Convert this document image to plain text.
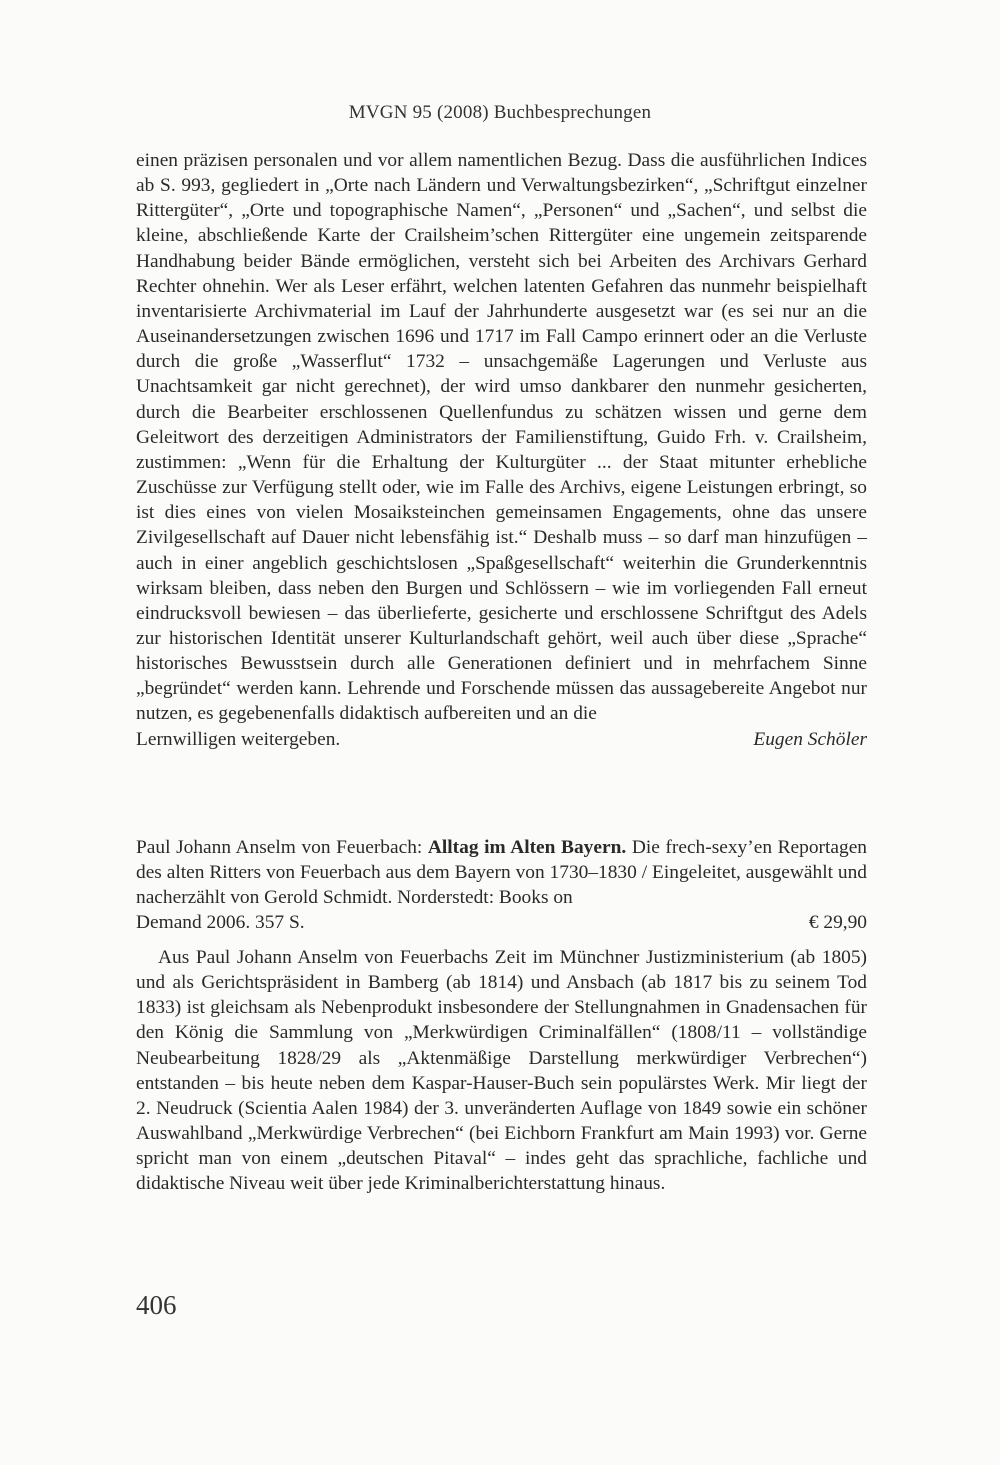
MVGN 95 (2008) Buchbesprechungen

einen präzisen personalen und vor allem namentlichen Bezug. Dass die ausführlichen Indices ab S. 993, gegliedert in „Orte nach Ländern und Verwaltungsbezirken“, „Schriftgut einzelner Rittergüter“, „Orte und topographische Namen“, „Personen“ und „Sachen“, und selbst die kleine, abschließende Karte der Crailsheim’schen Rittergüter eine ungemein zeitsparende Handhabung beider Bände ermöglichen, versteht sich bei Arbeiten des Archivars Gerhard Rechter ohnehin. Wer als Leser erfährt, welchen latenten Gefahren das nunmehr beispielhaft inventarisierte Archivmaterial im Lauf der Jahrhunderte ausgesetzt war (es sei nur an die Auseinandersetzungen zwischen 1696 und 1717 im Fall Campo erinnert oder an die Verluste durch die große „Wasserflut“ 1732 – unsachgemäße Lagerungen und Verluste aus Unachtsamkeit gar nicht gerechnet), der wird umso dankbarer den nunmehr gesicherten, durch die Bearbeiter erschlossenen Quellenfundus zu schätzen wissen und gerne dem Geleitwort des derzeitigen Administrators der Familienstiftung, Guido Frh. v. Crailsheim, zustimmen: „Wenn für die Erhaltung der Kulturgüter ... der Staat mitunter erhebliche Zuschüsse zur Verfügung stellt oder, wie im Falle des Archivs, eigene Leistungen erbringt, so ist dies eines von vielen Mosaiksteinchen gemeinsamen Engagements, ohne das unsere Zivilgesellschaft auf Dauer nicht lebensfähig ist.“ Deshalb muss – so darf man hinzufügen – auch in einer angeblich geschichtslosen „Spaßgesellschaft“ weiterhin die Grunderkenntnis wirksam bleiben, dass neben den Burgen und Schlössern – wie im vorliegenden Fall erneut eindrucksvoll bewiesen – das überlieferte, gesicherte und erschlossene Schriftgut des Adels zur historischen Identität unserer Kulturlandschaft gehört, weil auch über diese „Sprache“ historisches Bewusstsein durch alle Generationen definiert und in mehrfachem Sinne „begründet“ werden kann. Lehrende und Forschende müssen das aussagebereite Angebot nur nutzen, es gegebenenfalls didaktisch aufbereiten und an die

Lernwilligen weitergeben.	Eugen Schöler

Paul Johann Anselm von Feuerbach: Alltag im Alten Bayern. Die frech-sexy’en Reportagen des alten Ritters von Feuerbach aus dem Bayern von 1730–1830 / Eingeleitet, ausgewählt und nacherzählt von Gerold Schmidt. Norderstedt: Books on

Demand 2006. 357 S.	€ 29,90

Aus Paul Johann Anselm von Feuerbachs Zeit im Münchner Justizministerium (ab 1805) und als Gerichtspräsident in Bamberg (ab 1814) und Ansbach (ab 1817 bis zu seinem Tod 1833) ist gleichsam als Nebenprodukt insbesondere der Stellungnahmen in Gnadensachen für den König die Sammlung von „Merkwürdigen Criminalfällen“ (1808/11 – vollständige Neubearbeitung 1828/29 als „Aktenmäßige Darstellung merkwürdiger Verbrechen“) entstanden – bis heute neben dem Kaspar-Hauser-Buch sein populärstes Werk. Mir liegt der 2. Neudruck (Scientia Aalen 1984) der 3. unveränderten Auflage von 1849 sowie ein schöner Auswahlband „Merkwürdige Verbrechen“ (bei Eichborn Frankfurt am Main 1993) vor. Gerne spricht man von einem „deutschen Pitaval“ – indes geht das sprachliche, fachliche und didaktische Niveau weit über jede Kriminalberichterstattung hinaus.

406
